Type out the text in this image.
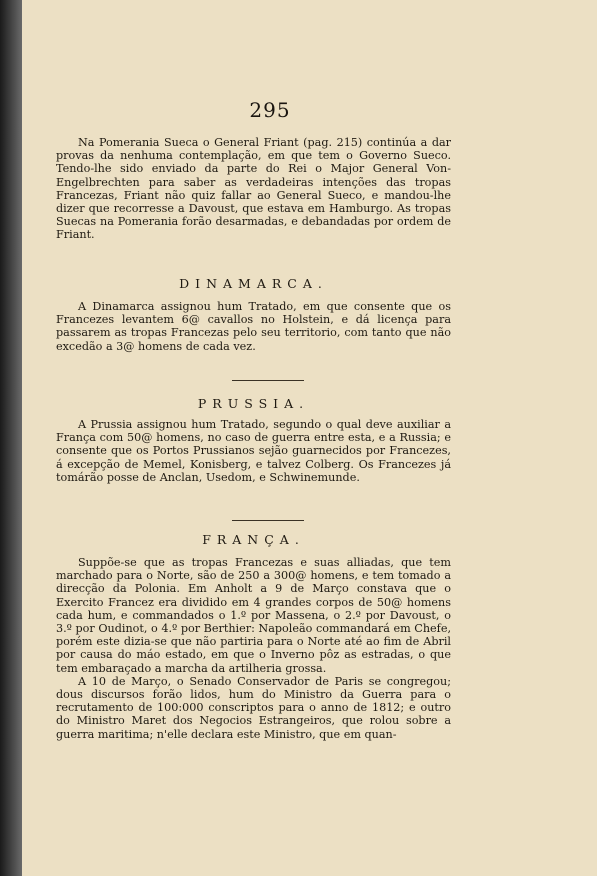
295
Na Pomerania Sueca o General Friant (pag. 215) continúa a dar provas da nenhuma contemplação, em que tem o Governo Sueco. Tendo-lhe sido enviado da parte do Rei o Major General Von-Engelbrechten para saber as verdadeiras intenções das tropas Francezas, Friant não quiz fallar ao General Sueco, e mandou-lhe dizer que recorresse a Davoust, que estava em Hamburgo. As tropas Suecas na Pomerania forão desarmadas, e debandadas por ordem de Friant.
DINAMARCA.
A Dinamarca assignou hum Tratado, em que consente que os Francezes levantem 6@ cavallos no Holstein, e dá licença para passarem as tropas Francezas pelo seu territorio, com tanto que não excedão a 3@ homens de cada vez.
PRUSSIA.
A Prussia assignou hum Tratado, segundo o qual deve auxiliar a França com 50@ homens, no caso de guerra entre esta, e a Russia; e consente que os Portos Prussianos sejão guarnecidos por Francezes, á excepção de Memel, Konisberg, e talvez Colberg. Os Francezes já tomárão posse de Anclan, Usedom, e Schwinemunde.
FRANÇA.
Suppõe-se que as tropas Francezas e suas alliadas, que tem marchado para o Norte, são de 250 a 300@ homens, e tem tomado a direcção da Polonia. Em Anholt a 9 de Março constava que o Exercito Francez era dividido em 4 grandes corpos de 50@ homens cada hum, e commandados o 1.º por Massena, o 2.º por Davoust, o 3.º por Oudinot, o 4.º por Berthier: Napoleão commandará em Chefe, porém este dizia-se que não partiria para o Norte até ao fim de Abril por causa do máo estado, em que o Inverno pôz as estradas, o que tem embaraçado a marcha da artilheria grossa.
A 10 de Março, o Senado Conservador de Paris se congregou; dous discursos forão lidos, hum do Ministro da Guerra para o recrutamento de 100:000 conscriptos para o anno de 1812; e outro do Ministro Maret dos Negocios Estrangeiros, que rolou sobre a guerra maritima; n'elle declara este Ministro, que em quan-
